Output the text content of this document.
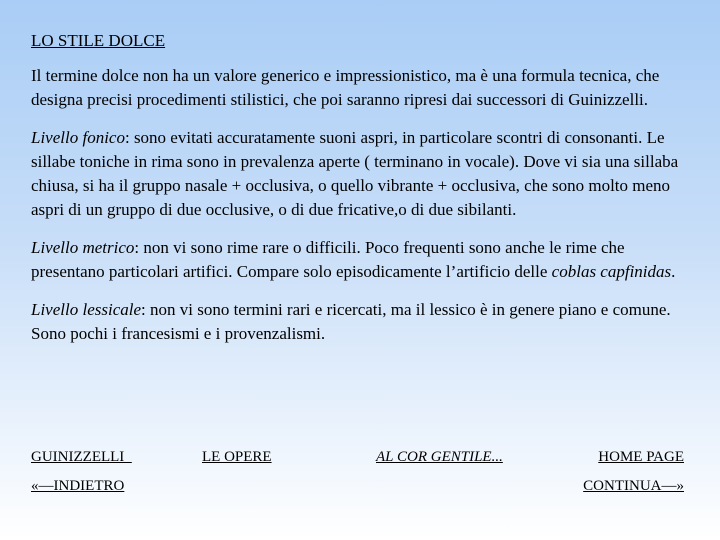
LO STILE DOLCE

Il termine dolce non ha un valore generico e impressionistico, ma è una formula tecnica, che designa precisi procedimenti stilistici, che poi saranno ripresi dai successori di Guinizzelli.

Livello fonico: sono evitati accuratamente suoni aspri, in particolare scontri di consonanti. Le sillabe toniche in rima sono in prevalenza aperte ( terminano in vocale). Dove vi sia una sillaba chiusa, si ha il gruppo nasale + occlusiva, o quello vibrante + occlusiva, che sono molto meno aspri di un gruppo di due occlusive, o di due fricative,o di due sibilanti.

Livello metrico: non vi sono rime rare o difficili. Poco frequenti sono anche le rime che presentano particolari artifici. Compare solo episodicamente l’artificio delle coblas capfinidas.

Livello lessicale: non vi sono termini rari e ricercati, ma il lessico è in genere piano e comune. Sono pochi i francesismi e i provenzalismi.

GUINIZZELLI	LE OPERE	AL COR GENTILE...	HOME PAGE
«—INDIETRO	CONTINUA—»
